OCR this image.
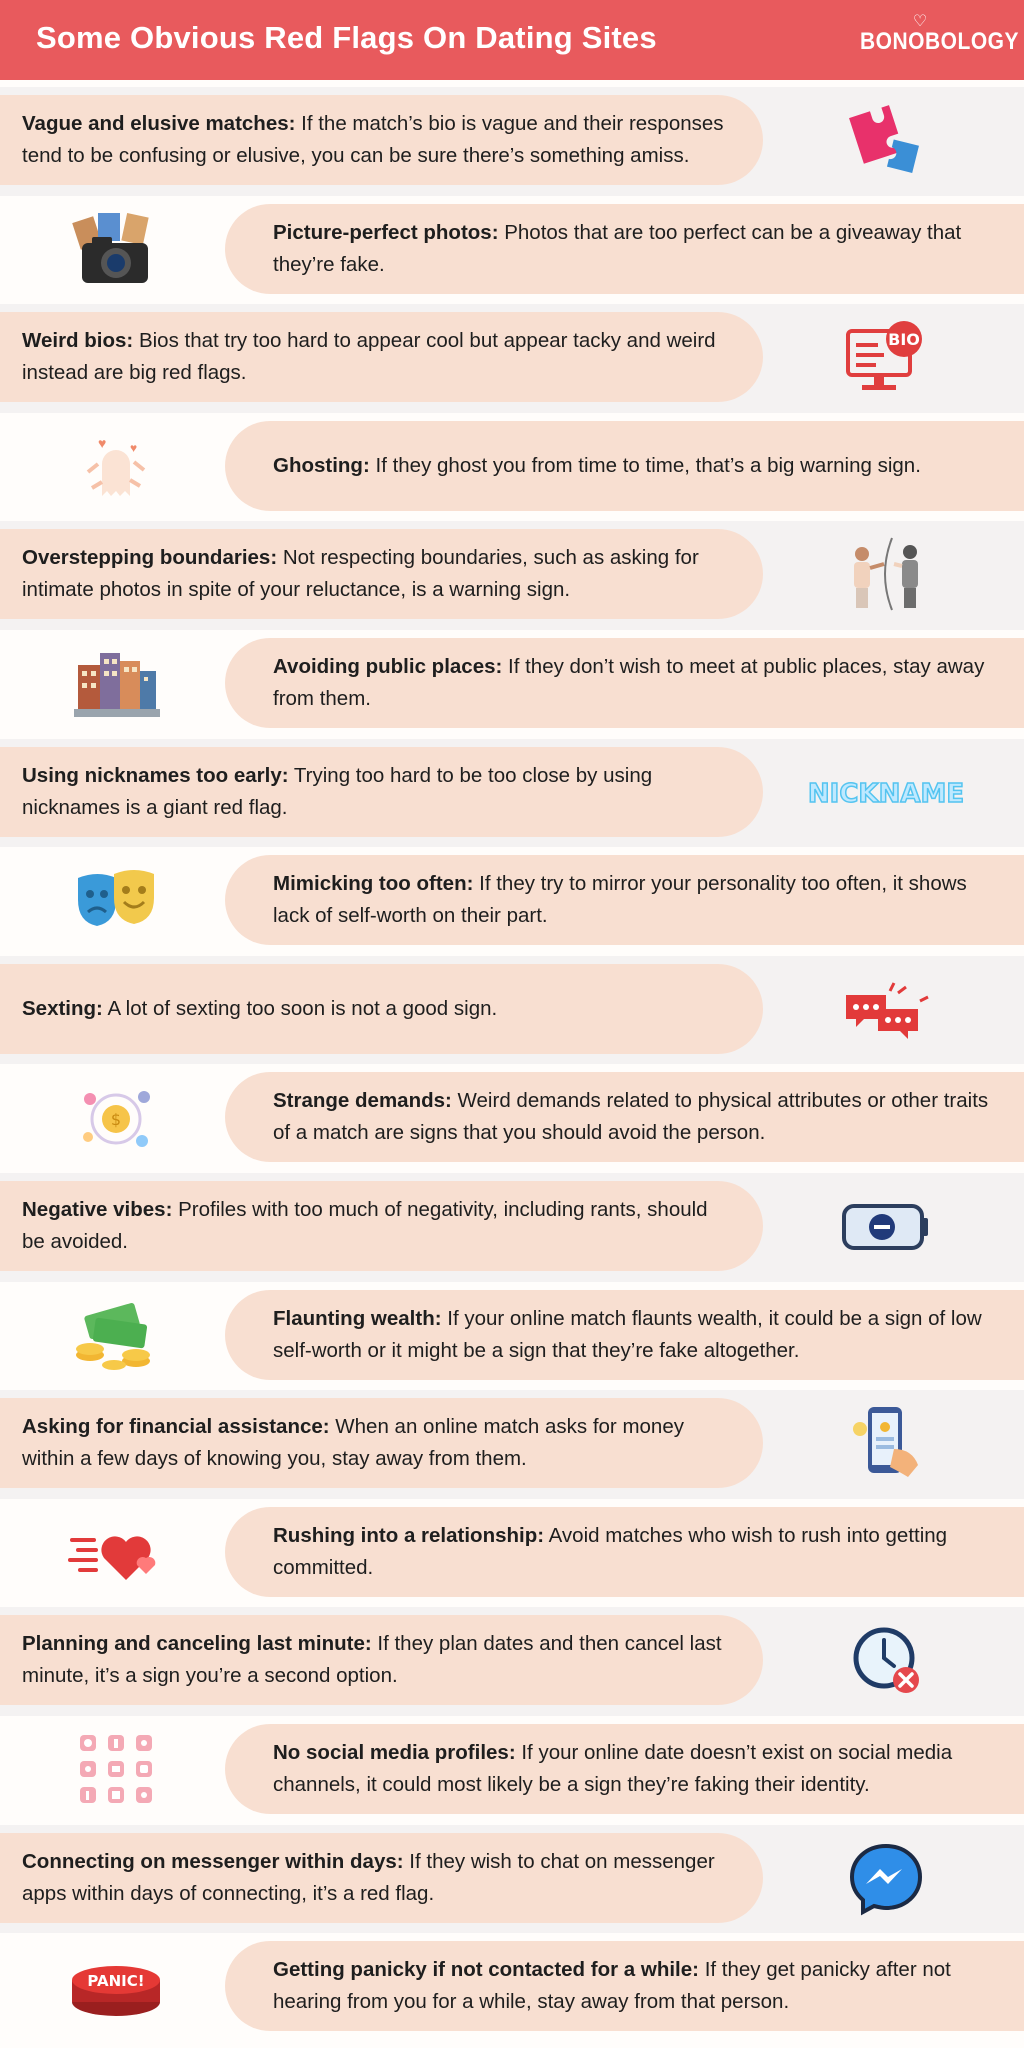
Some Obvious Red Flags On Dating Sites	♡
BONOBOLOGY

Vague and elusive matches: If the match’s bio is vague and their responses tend to be confusing or elusive, you can be sure there’s something amiss.

Picture-perfect photos: Photos that are too perfect can be a giveaway that they’re fake.

Weird bios: Bios that try too hard to appear cool but appear tacky and weird instead are big red flags.

BIO

Ghosting: If they ghost you from time to time, that’s a big warning sign.

♥ ♥

Overstepping boundaries: Not respecting boundaries, such as asking for intimate photos in spite of your reluctance, is a warning sign.

Avoiding public places: If they don’t wish to meet at public places, stay away from them.

Using nicknames too early: Trying too hard to be too close by using nicknames is a giant red flag.	NICKNAME

Mimicking too often: If they try to mirror your personality too often, it shows lack of self-worth on their part.

Sexting: A lot of sexting too soon is not a good sign.

Strange demands: Weird demands related to physical attributes or other traits of a match are signs that you should avoid the person.

$

Negative vibes: Profiles with too much of negativity, including rants, should be avoided.

Flaunting wealth: If your online match flaunts wealth, it could be a sign of low self-worth or it might be a sign that they’re fake altogether.

Asking for financial assistance: When an online match asks for money within a few days of knowing you, stay away from them.

Rushing into a relationship: Avoid matches who wish to rush into getting committed.

Planning and canceling last minute: If they plan dates and then cancel last minute, it’s a sign you’re a second option.

No social media profiles: If your online date doesn’t exist on social media channels, it could most likely be a sign they’re faking their identity.

Connecting on messenger within days: If they wish to chat on messenger apps within days of connecting, it’s a red flag.

Getting panicky if not contacted for a while: If they get panicky after not hearing from you for a while, stay away from that person.

PANIC!
